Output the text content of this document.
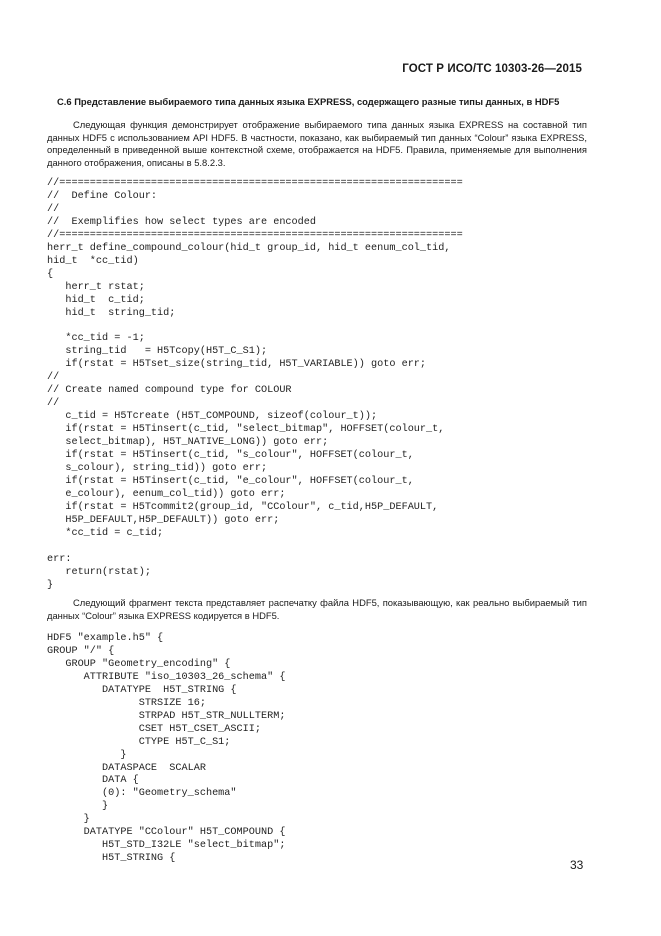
ГОСТ Р ИСО/ТС 10303-26—2015
С.6 Представление выбираемого типа данных языка EXPRESS, содержащего разные типы данных, в HDF5
Следующая функция демонстрирует отображение выбираемого типа данных языка EXPRESS на составной тип данных HDF5 с использованием API HDF5. В частности, показано, как выбираемый тип данных “Colour” языка EXPRESS, определенный в приведенной выше контекстной схеме, отображается на HDF5. Правила, применяемые для выполнения данного отображения, описаны в 5.8.2.3.
//==================================================================
//  Define Colour:
//
//  Exemplifies how select types are encoded
//==================================================================
herr_t define_compound_colour(hid_t group_id, hid_t eenum_col_tid,
hid_t  *cc_tid)
{
herr_t rstat;
hid_t  c_tid;
hid_t  string_tid;

*cc_tid = -1;
string_tid   = H5Tcopy(H5T_C_S1);
if(rstat = H5Tset_size(string_tid, H5T_VARIABLE)) goto err;
//
// Create named compound type for COLOUR
//
c_tid = H5Tcreate (H5T_COMPOUND, sizeof(colour_t));
if(rstat = H5Tinsert(c_tid, "select_bitmap", HOFFSET(colour_t,
select_bitmap), H5T_NATIVE_LONG)) goto err;
if(rstat = H5Tinsert(c_tid, "s_colour", HOFFSET(colour_t,
s_colour), string_tid)) goto err;
if(rstat = H5Tinsert(c_tid, "e_colour", HOFFSET(colour_t,
e_colour), eenum_col_tid)) goto err;
if(rstat = H5Tcommit2(group_id, "CColour", c_tid,H5P_DEFAULT,
H5P_DEFAULT,H5P_DEFAULT)) goto err;
*cc_tid = c_tid;

err:
return(rstat);
}
Следующий фрагмент текста представляет распечатку файла HDF5, показывающую, как реально выбираемый тип данных “Colour” языка EXPRESS кодируется в HDF5.
HDF5 "example.h5" {
GROUP "/" {
GROUP "Geometry_encoding" {
ATTRIBUTE "iso_10303_26_schema" {
DATATYPE  H5T_STRING {
STRSIZE 16;
STRPAD H5T_STR_NULLTERM;
CSET H5T_CSET_ASCII;
CTYPE H5T_C_S1;
}
DATASPACE  SCALAR
DATA {
(0): "Geometry_schema"
}
}
DATATYPE "CColour" H5T_COMPOUND {
H5T_STD_I32LE "select_bitmap";
H5T_STRING {	33
